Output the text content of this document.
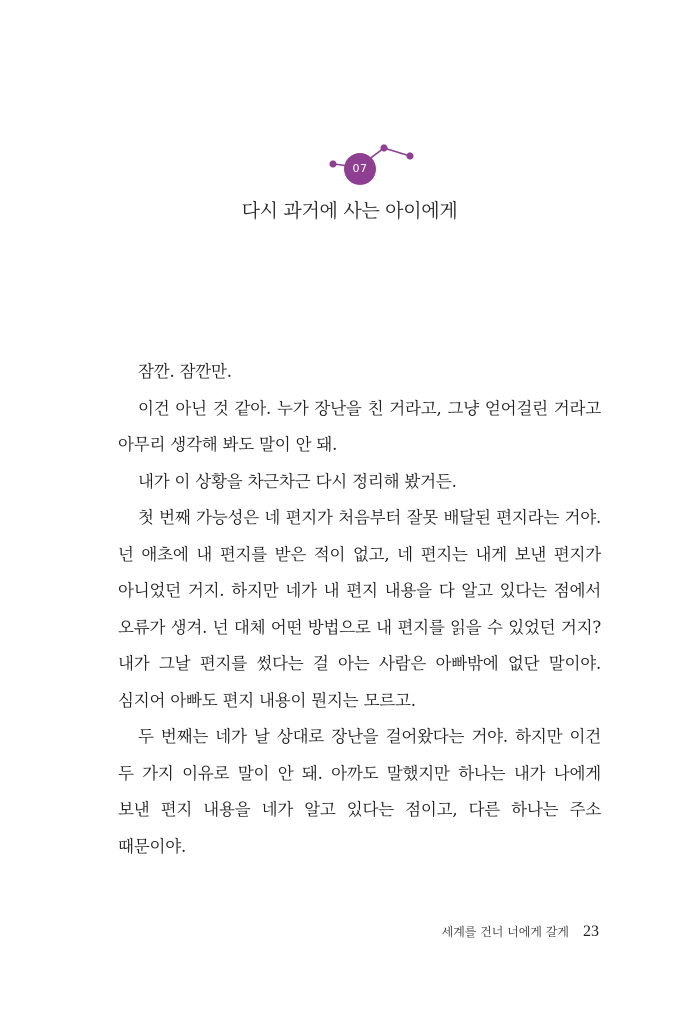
07
다시 과거에 사는 아이에게

잠깐. 잠깐만.

이건 아닌 것 같아. 누가 장난을 친 거라고, 그냥 얻어걸린 거라고 아무리 생각해 봐도 말이 안 돼.

내가 이 상황을 차근차근 다시 정리해 봤거든.

첫 번째 가능성은 네 편지가 처음부터 잘못 배달된 편지라는 거야. 넌 애초에 내 편지를 받은 적이 없고, 네 편지는 내게 보낸 편지가 아니었던 거지. 하지만 네가 내 편지 내용을 다 알고 있다는 점에서 오류가 생겨. 넌 대체 어떤 방법으로 내 편지를 읽을 수 있었던 거지? 내가 그날 편지를 썼다는 걸 아는 사람은 아빠밖에 없단 말이야. 심지어 아빠도 편지 내용이 뭔지는 모르고.

두 번째는 네가 날 상대로 장난을 걸어왔다는 거야. 하지만 이건 두 가지 이유로 말이 안 돼. 아까도 말했지만 하나는 내가 나에게 보낸 편지 내용을 네가 알고 있다는 점이고, 다른 하나는 주소 때문이야.

세계를 건너 너에게 갈게 23
